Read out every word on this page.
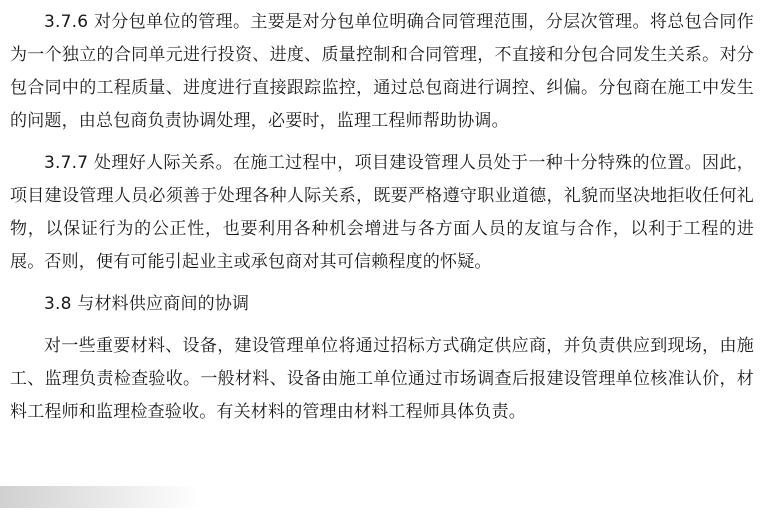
3.7.6 对分包单位的管理。主要是对分包单位明确合同管理范围，分层次管理。将总包合同作为一个独立的合同单元进行投资、进度、质量控制和合同管理，不直接和分包合同发生关系。对分包合同中的工程质量、进度进行直接跟踪监控，通过总包商进行调控、纠偏。分包商在施工中发生的问题，由总包商负责协调处理，必要时，监理工程师帮助协调。

3.7.7 处理好人际关系。在施工过程中，项目建设管理人员处于一种十分特殊的位置。因此，项目建设管理人员必须善于处理各种人际关系，既要严格遵守职业道德，礼貌而坚决地拒收任何礼物，以保证行为的公正性，也要利用各种机会增进与各方面人员的友谊与合作，以利于工程的进展。否则，便有可能引起业主或承包商对其可信赖程度的怀疑。

3.8 与材料供应商间的协调

对一些重要材料、设备，建设管理单位将通过招标方式确定供应商，并负责供应到现场，由施工、监理负责检查验收。一般材料、设备由施工单位通过市场调查后报建设管理单位核准认价，材料工程师和监理检查验收。有关材料的管理由材料工程师具体负责。
